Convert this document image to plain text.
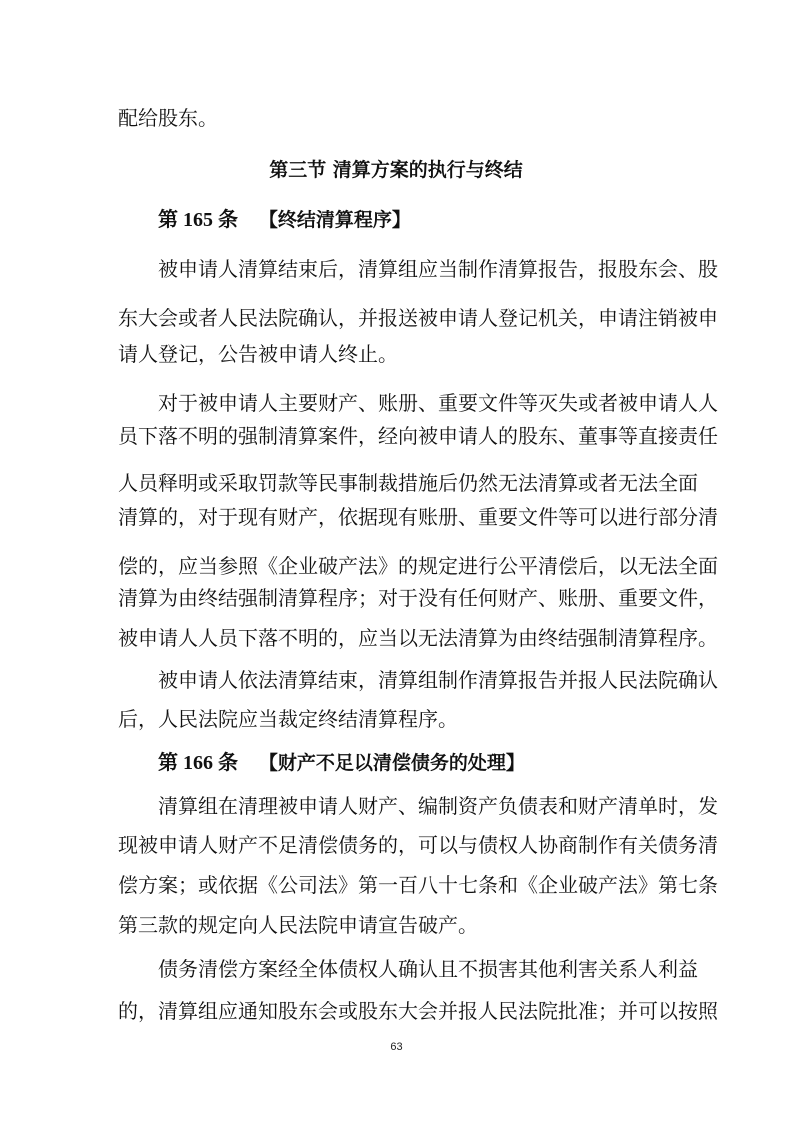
配给股东。
第三节 清算方案的执行与终结
第 165 条 【终结清算程序】
被申请人清算结束后，清算组应当制作清算报告，报股东会、股
东大会或者人民法院确认，并报送被申请人登记机关，申请注销被申
请人登记，公告被申请人终止。
对于被申请人主要财产、账册、重要文件等灭失或者被申请人人
员下落不明的强制清算案件，经向被申请人的股东、董事等直接责任
人员释明或采取罚款等民事制裁措施后仍然无法清算或者无法全面
清算的，对于现有财产，依据现有账册、重要文件等可以进行部分清
偿的，应当参照《企业破产法》的规定进行公平清偿后，以无法全面
清算为由终结强制清算程序；对于没有任何财产、账册、重要文件，
被申请人人员下落不明的，应当以无法清算为由终结强制清算程序。
被申请人依法清算结束，清算组制作清算报告并报人民法院确认
后，人民法院应当裁定终结清算程序。
第 166 条 【财产不足以清偿债务的处理】
清算组在清理被申请人财产、编制资产负债表和财产清单时，发
现被申请人财产不足清偿债务的，可以与债权人协商制作有关债务清
偿方案；或依据《公司法》第一百八十七条和《企业破产法》第七条
第三款的规定向人民法院申请宣告破产。
债务清偿方案经全体债权人确认且不损害其他利害关系人利益
的，清算组应通知股东会或股东大会并报人民法院批准；并可以按照
63
